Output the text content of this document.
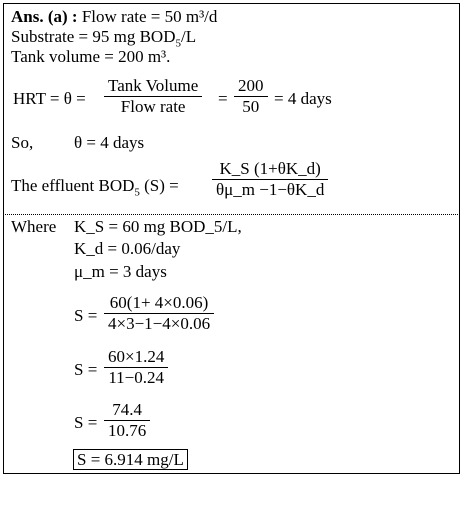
Ans. (a) : Flow rate = 50 m³/d
Substrate = 95 mg $BOD_5/L$
Tank volume = 200 m³.
HRT = θ =
Tank Volume
Flow rate	=
200
50 = 4 days
So, θ = 4 days
The effluent $BOD_5$ (S) =
K_S (1+θK_d)
θμ_m −1−θK_d
Where K_S = 60 mg BOD_5/L,
K_d = 0.06/day
μ_m = 3 days
S =
60(1+ 4×0.06)
4×3−1−4×0.06
S =
60×1.24
11−0.24
S =
74.4
10.76
S = 6.914 mg/L
